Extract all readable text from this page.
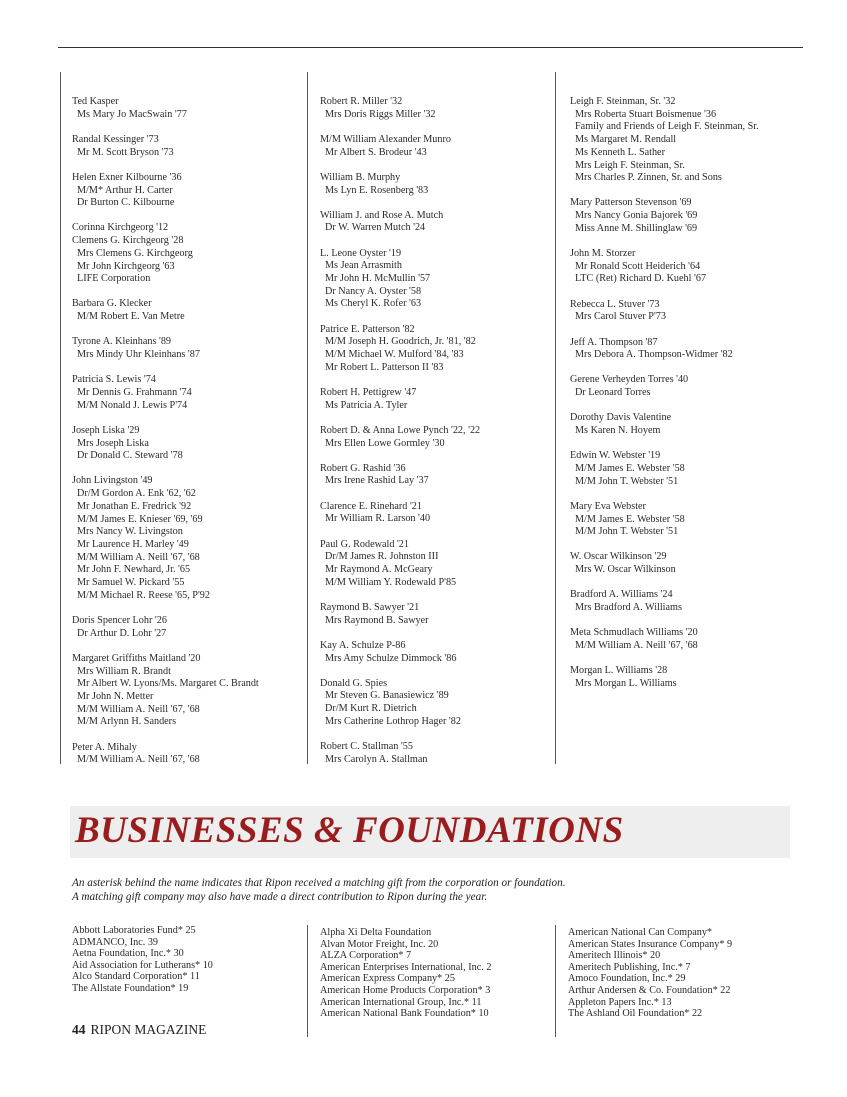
Ted Kasper
Ms Mary Jo MacSwain '77
Randal Kessinger '73
Mr M. Scott Bryson '73
Helen Exner Kilbourne '36
M/M* Arthur H. Carter
Dr Burton C. Kilbourne
Corinna Kirchgeorg '12
Clemens G. Kirchgeorg '28
Mrs Clemens G. Kirchgeorg
Mr John Kirchgeorg '63
LIFE Corporation
Barbara G. Klecker
M/M Robert E. Van Metre
Tyrone A. Kleinhans '89
Mrs Mindy Uhr Kleinhans '87
Patricia S. Lewis '74
Mr Dennis G. Frahmann '74
M/M Nonald J. Lewis P'74
Joseph Liska '29
Mrs Joseph Liska
Dr Donald C. Steward '78
John Livingston '49
Dr/M Gordon A. Enk '62, '62
Mr Jonathan E. Fredrick '92
M/M James E. Knieser '69, '69
Mrs Nancy W. Livingston
Mr Laurence H. Marley '49
M/M William A. Neill '67, '68
Mr John F. Newhard, Jr. '65
Mr Samuel W. Pickard '55
M/M Michael R. Reese '65, P'92
Doris Spencer Lohr '26
Dr Arthur D. Lohr '27
Margaret Griffiths Maitland '20
Mrs William R. Brandt
Mr Albert W. Lyons/Ms. Margaret C. Brandt
Mr John N. Metter
M/M William A. Neill '67, '68
M/M Arlynn H. Sanders
Peter A. Mihaly
M/M William A. Neill '67, '68
Robert R. Miller '32
Mrs Doris Riggs Miller '32
M/M William Alexander Munro
Mr Albert S. Brodeur '43
William B. Murphy
Ms Lyn E. Rosenberg '83
William J. and Rose A. Mutch
Dr W. Warren Mutch '24
L. Leone Oyster '19
Ms Jean Arrasmith
Mr John H. McMullin '57
Dr Nancy A. Oyster '58
Ms Cheryl K. Rofer '63
Patrice E. Patterson '82
M/M Joseph H. Goodrich, Jr. '81, '82
M/M Michael W. Mulford '84, '83
Mr Robert L. Patterson II '83
Robert H. Pettigrew '47
Ms Patricia A. Tyler
Robert D. & Anna Lowe Pynch '22, '22
Mrs Ellen Lowe Gormley '30
Robert G. Rashid '36
Mrs Irene Rashid Lay '37
Clarence E. Rinehard '21
Mr William R. Larson '40
Paul G. Rodewald '21
Dr/M James R. Johnston III
Mr Raymond A. McGeary
M/M William Y. Rodewald P'85
Raymond B. Sawyer '21
Mrs Raymond B. Sawyer
Kay A. Schulze P-86
Mrs Amy Schulze Dimmock '86
Donald G. Spies
Mr Steven G. Banasiewicz '89
Dr/M Kurt R. Dietrich
Mrs Catherine Lothrop Hager '82
Robert C. Stallman '55
Mrs Carolyn A. Stallman
Leigh F. Steinman, Sr. '32
Mrs Roberta Stuart Boismenue '36
Family and Friends of Leigh F. Steinman, Sr.
Ms Margaret M. Rendall
Ms Kenneth L. Sather
Mrs Leigh F. Steinman, Sr.
Mrs Charles P. Zinnen, Sr. and Sons
Mary Patterson Stevenson '69
Mrs Nancy Gonia Bajorek '69
Miss Anne M. Shillinglaw '69
John M. Storzer
Mr Ronald Scott Heiderich '64
LTC (Ret) Richard D. Kuehl '67
Rebecca L. Stuver '73
Mrs Carol Stuver P'73
Jeff A. Thompson '87
Mrs Debora A. Thompson-Widmer '82
Gerene Verheyden Torres '40
Dr Leonard Torres
Dorothy Davis Valentine
Ms Karen N. Hoyem
Edwin W. Webster '19
M/M James E. Webster '58
M/M John T. Webster '51
Mary Eva Webster
M/M James E. Webster '58
M/M John T. Webster '51
W. Oscar Wilkinson '29
Mrs W. Oscar Wilkinson
Bradford A. Williams '24
Mrs Bradford A. Williams
Meta Schmudlach Williams '20
M/M William A. Neill '67, '68
Morgan L. Williams '28
Mrs Morgan L. Williams
BUSINESSES & FOUNDATIONS
An asterisk behind the name indicates that Ripon received a matching gift from the corporation or foundation.
A matching gift company may also have made a direct contribution to Ripon during the year.
Abbott Laboratories Fund* 25
ADMANCO, Inc. 39
Aetna Foundation, Inc.* 30
Aid Association for Lutherans* 10
Alco Standard Corporation* 11
The Allstate Foundation* 19
Alpha Xi Delta Foundation
Alvan Motor Freight, Inc. 20
ALZA Corporation* 7
American Enterprises International, Inc. 2
American Express Company* 25
American Home Products Corporation* 3
American International Group, Inc.* 11
American National Bank Foundation* 10
American National Can Company*
American States Insurance Company* 9
Ameritech Illinois* 20
Ameritech Publishing, Inc.* 7
Amoco Foundation, Inc.* 29
Arthur Andersen & Co. Foundation* 22
Appleton Papers Inc.* 13
The Ashland Oil Foundation* 22
44 RIPON MAGAZINE
